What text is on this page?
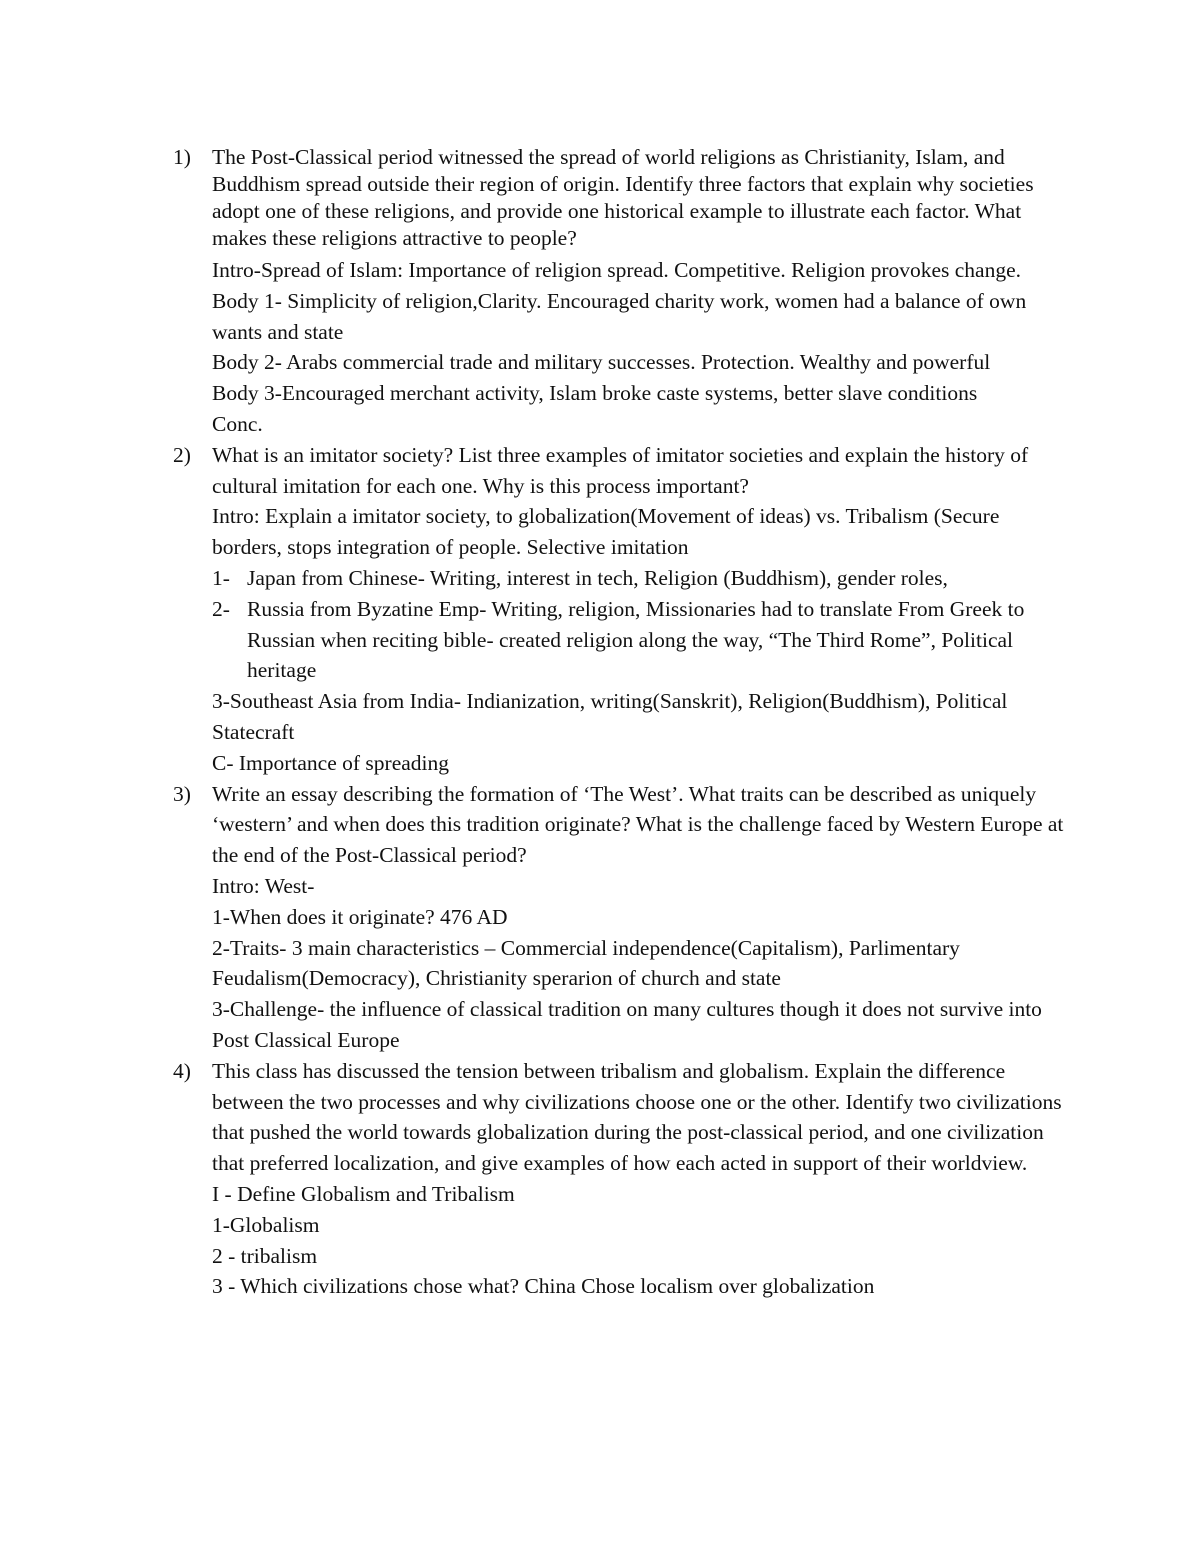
1) The Post-Classical period witnessed the spread of world religions as Christianity, Islam, and Buddhism spread outside their region of origin. Identify three factors that explain why societies adopt one of these religions, and provide one historical example to illustrate each factor. What makes these religions attractive to people?
Intro-Spread of Islam: Importance of religion spread. Competitive. Religion provokes change.
Body 1- Simplicity of religion,Clarity. Encouraged charity work, women had a balance of own wants and state
Body 2- Arabs commercial trade and military successes. Protection. Wealthy and powerful
Body 3-Encouraged merchant activity, Islam broke caste systems, better slave conditions
Conc.
2) What is an imitator society? List three examples of imitator societies and explain the history of cultural imitation for each one. Why is this process important?
Intro: Explain a imitator society, to globalization(Movement of ideas) vs. Tribalism (Secure borders, stops integration of people. Selective imitation
1- Japan from Chinese- Writing, interest in tech, Religion (Buddhism), gender roles,
2- Russia from Byzatine Emp- Writing, religion, Missionaries had to translate From Greek to Russian when reciting bible- created religion along the way, “The Third Rome”, Political heritage
3-Southeast Asia from India- Indianization, writing(Sanskrit), Religion(Buddhism), Political Statecraft
C- Importance of spreading
3) Write an essay describing the formation of ‘The West’. What traits can be described as uniquely ‘western’ and when does this tradition originate? What is the challenge faced by Western Europe at the end of the Post-Classical period?
Intro: West-
1-When does it originate? 476 AD
2-Traits- 3 main characteristics – Commercial independence(Capitalism), Parlimentary Feudalism(Democracy), Christianity sperarion of church and state
3-Challenge- the influence of classical tradition on many cultures though it does not survive into Post Classical Europe
4) This class has discussed the tension between tribalism and globalism. Explain the difference between the two processes and why civilizations choose one or the other. Identify two civilizations that pushed the world towards globalization during the post-classical period, and one civilization that preferred localization, and give examples of how each acted in support of their worldview.
I - Define Globalism and Tribalism
1-Globalism
2 - tribalism
3 - Which civilizations chose what? China Chose localism over globalization
